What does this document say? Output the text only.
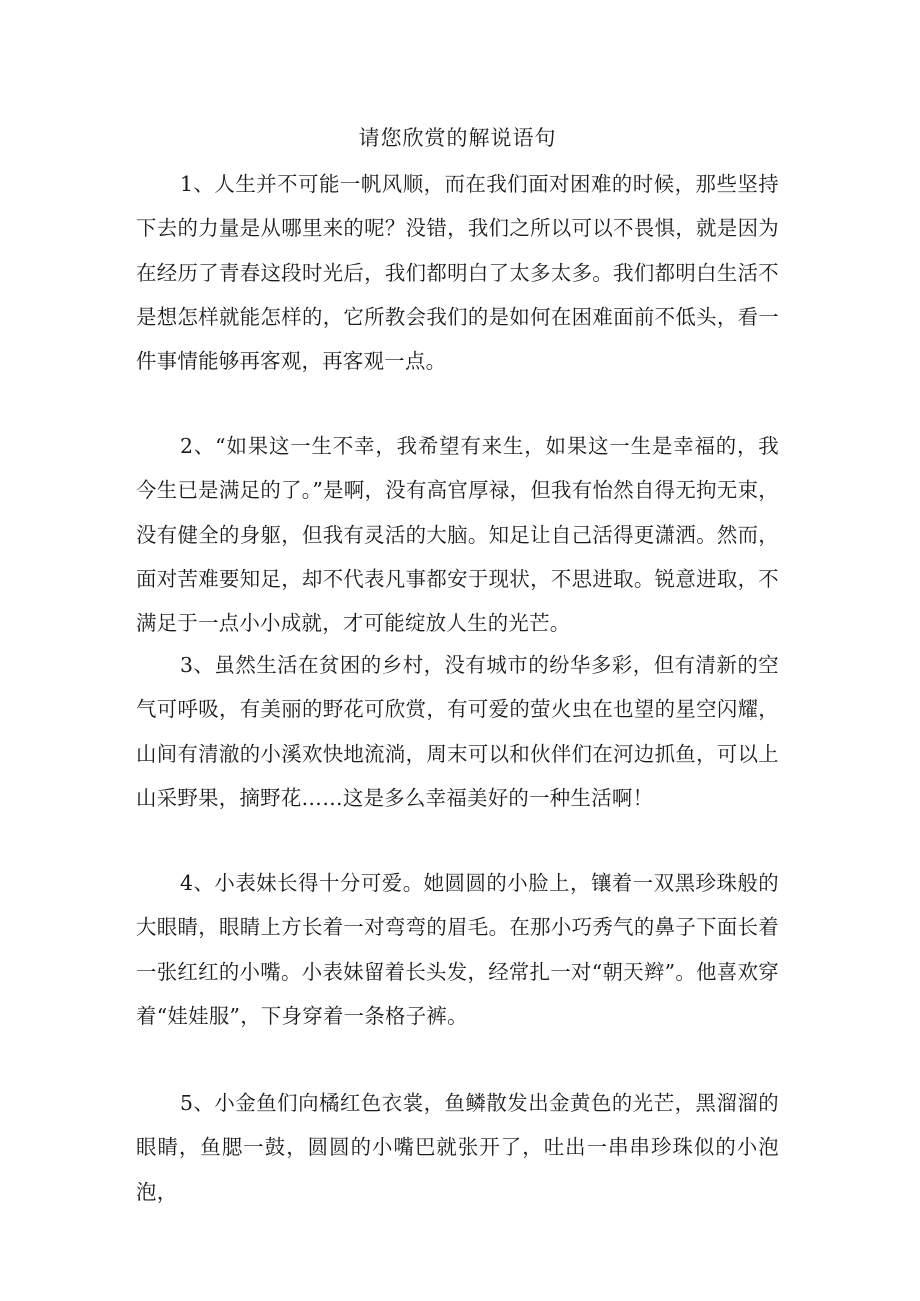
请您欣赏的解说语句

1、人生并不可能一帆风顺，而在我们面对困难的时候，那些坚持下去的力量是从哪里来的呢？没错，我们之所以可以不畏惧，就是因为在经历了青春这段时光后，我们都明白了太多太多。我们都明白生活不是想怎样就能怎样的，它所教会我们的是如何在困难面前不低头，看一件事情能够再客观，再客观一点。

2、“如果这一生不幸，我希望有来生，如果这一生是幸福的，我今生已是满足的了。”是啊，没有高官厚禄，但我有怡然自得无拘无束，没有健全的身躯，但我有灵活的大脑。知足让自己活得更潇洒。然而，面对苦难要知足，却不代表凡事都安于现状，不思进取。锐意进取，不满足于一点小小成就，才可能绽放人生的光芒。

3、虽然生活在贫困的乡村，没有城市的纷华多彩，但有清新的空气可呼吸，有美丽的野花可欣赏，有可爱的萤火虫在也望的星空闪耀，山间有清澈的小溪欢快地流淌，周末可以和伙伴们在河边抓鱼，可以上山采野果，摘野花……这是多么幸福美好的一种生活啊！

4、小表妹长得十分可爱。她圆圆的小脸上，镶着一双黑珍珠般的大眼睛，眼睛上方长着一对弯弯的眉毛。在那小巧秀气的鼻子下面长着一张红红的小嘴。小表妹留着长头发，经常扎一对“朝天辫”。他喜欢穿着“娃娃服”，下身穿着一条格子裤。

5、小金鱼们向橘红色衣裳，鱼鳞散发出金黄色的光芒，黑溜溜的眼睛，鱼腮一鼓，圆圆的小嘴巴就张开了，吐出一串串珍珠似的小泡泡，
